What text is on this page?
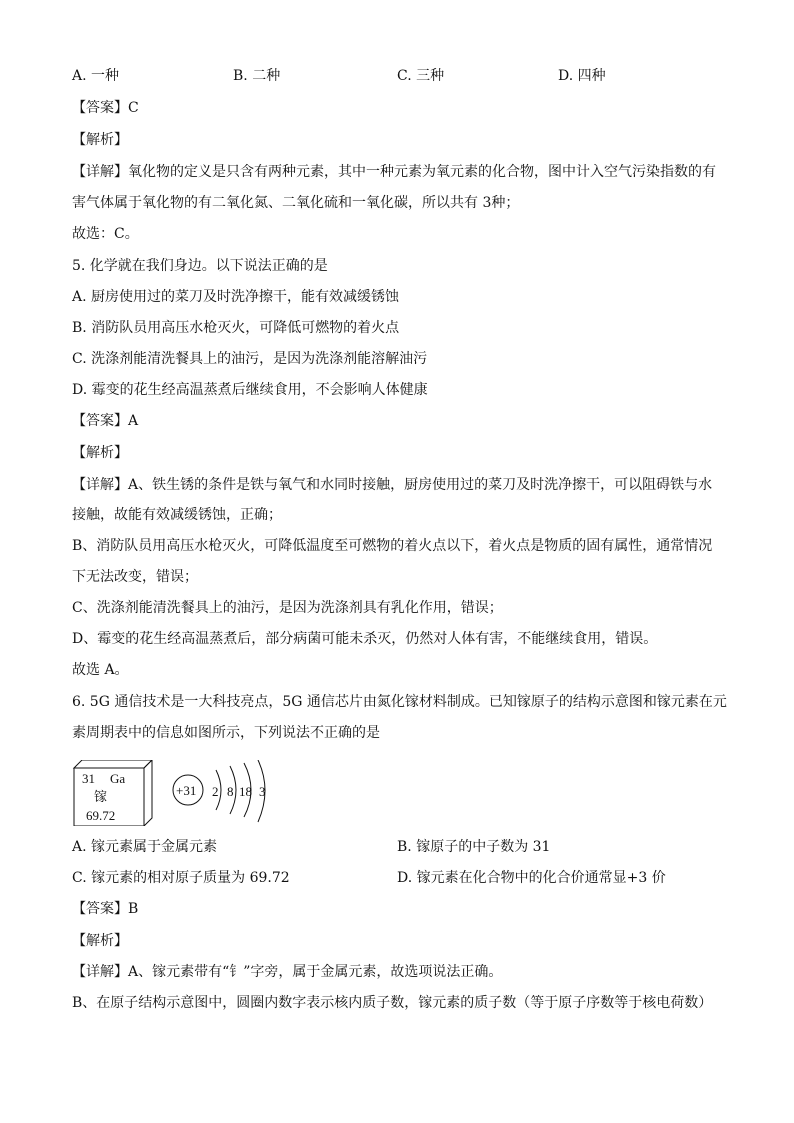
A. 一种	B. 二种	C. 三种	D. 四种
【答案】C
【解析】
【详解】氧化物的定义是只含有两种元素，其中一种元素为氧元素的化合物，图中计入空气污染指数的有
害气体属于氧化物的有二氧化氮、二氧化硫和一氧化碳，所以共有 3种；
故选：C。
5. 化学就在我们身边。以下说法正确的是
A. 厨房使用过的菜刀及时洗净擦干，能有效减缓锈蚀
B. 消防队员用高压水枪灭火，可降低可燃物的着火点
C. 洗涤剂能清洗餐具上的油污，是因为洗涤剂能溶解油污
D. 霉变的花生经高温蒸煮后继续食用，不会影响人体健康
【答案】A
【解析】
【详解】A、铁生锈的条件是铁与氧气和水同时接触，厨房使用过的菜刀及时洗净擦干，可以阻碍铁与水
接触，故能有效减缓锈蚀，正确；
B、消防队员用高压水枪灭火，可降低温度至可燃物的着火点以下，着火点是物质的固有属性，通常情况
下无法改变，错误；
C、洗涤剂能清洗餐具上的油污，是因为洗涤剂具有乳化作用，错误；
D、霉变的花生经高温蒸煮后，部分病菌可能未杀灭，仍然对人体有害，不能继续食用，错误。
故选 A。
6. 5G 通信技术是一大科技亮点，5G 通信芯片由氮化镓材料制成。已知镓原子的结构示意图和镓元素在元
素周期表中的信息如图所示，下列说法不正确的是
31 Ga
镓
69.72
+31 2 8 18 3
A. 镓元素属于金属元素	B. 镓原子的中子数为 31
C. 镓元素的相对原子质量为 69.72	D. 镓元素在化合物中的化合价通常显+3 价
【答案】B
【解析】
【详解】A、镓元素带有“钅”字旁，属于金属元素，故选项说法正确。
B、在原子结构示意图中，圆圈内数字表示核内质子数，镓元素的质子数（等于原子序数等于核电荷数）
